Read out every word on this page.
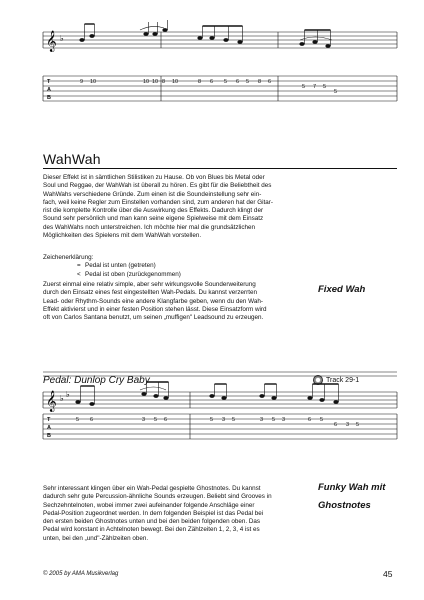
𝄞 ♭
T
A
B
9 10	10 10 8 10	8 6 5 6 5 8 6
5 7 5
5
WahWah
Dieser Effekt ist in sämtlichen Stilistiken zu Hause. Ob von Blues bis Metal oder
Soul und Reggae, der WahWah ist überall zu hören. Es gibt für die Beliebtheit des
WahWahs verschiedene Gründe. Zum einen ist die Soundeinstellung sehr ein-
fach, weil keine Regler zum Einstellen vorhanden sind, zum anderen hat der Gitar-
rist die komplette Kontrolle über die Auswirkung des Effekts. Dadurch klingt der
Sound sehr persönlich und man kann seine eigene Spielweise mit dem Einsatz
des WahWahs noch unterstreichen. Ich möchte hier mal die grundsätzlichen
Möglichkeiten des Spielens mit dem WahWah vorstellen.
Zeichenerklärung:
= Pedal ist unten (getreten)
< Pedal ist oben (zurückgenommen)
Zuerst einmal eine relativ simple, aber sehr wirkungsvolle Sounderweiterung
durch den Einsatz eines fest eingestellten Wah-Pedals. Du kannst verzerrten
Lead- oder Rhythm-Sounds eine andere Klangfarbe geben, wenn du den Wah-
Effekt aktivierst und in einer festen Position stehen lässt. Diese Einsatzform wird
oft von Carlos Santana benutzt, um seinen „muffigen" Leadsound zu erzeugen.
Fixed Wah
Pedal: Dunlop Cry Baby	Track 29-1
𝄞 ♭ ♭
T
A
B
5 6	3 5 6	5 3 5	3 5 3	6 5
6 3 5
Sehr interessant klingen über ein Wah-Pedal gespielte Ghostnotes. Du kannst
dadurch sehr gute Percussion-ähnliche Sounds erzeugen. Beliebt sind Grooves in
Sechzehntelnoten, wobei immer zwei aufeinander folgende Anschläge einer
Pedal-Position zugeordnet werden. In dem folgenden Beispiel ist das Pedal bei
den ersten beiden Ghostnotes unten und bei den beiden folgenden oben. Das
Pedal wird konstant in Achtelnoten bewegt. Bei den Zählzeiten 1, 2, 3, 4 ist es
unten, bei den „und"-Zählzeiten oben.
Funky Wah mit
Ghostnotes
© 2005 by AMA Musikverlag	45
